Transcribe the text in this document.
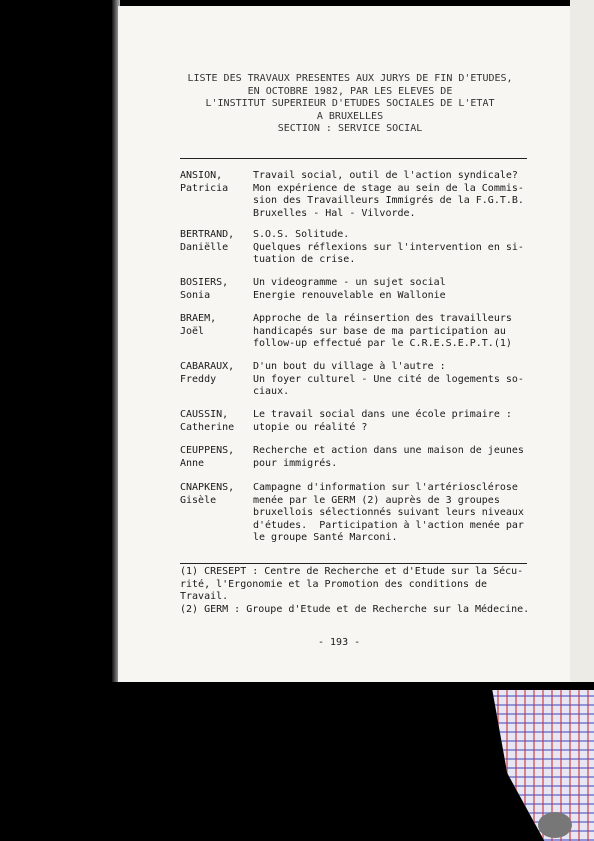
LISTE DES TRAVAUX PRESENTES AUX JURYS DE FIN D'ETUDES,
EN OCTOBRE 1982, PAR LES ELEVES DE
L'INSTITUT SUPERIEUR D'ETUDES SOCIALES DE L'ETAT
A BRUXELLES
SECTION : SERVICE SOCIAL
ANSION,
Patricia
Travail social, outil de l'action syndicale?
Mon expérience de stage au sein de la Commis-
sion des Travailleurs Immigrés de la F.G.T.B.
Bruxelles - Hal - Vilvorde.
BERTRAND,
Daniëlle
S.O.S. Solitude.
Quelques réflexions sur l'intervention en si-
tuation de crise.
BOSIERS,
Sonia
Un videogramme - un sujet social
Energie renouvelable en Wallonie
BRAEM,
Joël
Approche de la réinsertion des travailleurs
handicapés sur base de ma participation au
follow-up effectué par le C.R.E.S.E.P.T.(1)
CABARAUX,
Freddy
D'un bout du village à l'autre :
Un foyer culturel - Une cité de logements so-
ciaux.
CAUSSIN,
Catherine
Le travail social dans une école primaire :
utopie ou réalité ?
CEUPPENS,
Anne
Recherche et action dans une maison de jeunes
pour immigrés.
CNAPKENS,
Gisèle
Campagne d'information sur l'artériosclérose
menée par le GERM (2) auprès de 3 groupes
bruxellois sélectionnés suivant leurs niveaux
d'études.  Participation à l'action menée par
le groupe Santé Marconi.
(1) CRESEPT : Centre de Recherche et d'Etude sur la Sécu-
rité, l'Ergonomie et la Promotion des conditions de
Travail.
(2) GERM : Groupe d'Etude et de Recherche sur la Médecine.
- 193 -
